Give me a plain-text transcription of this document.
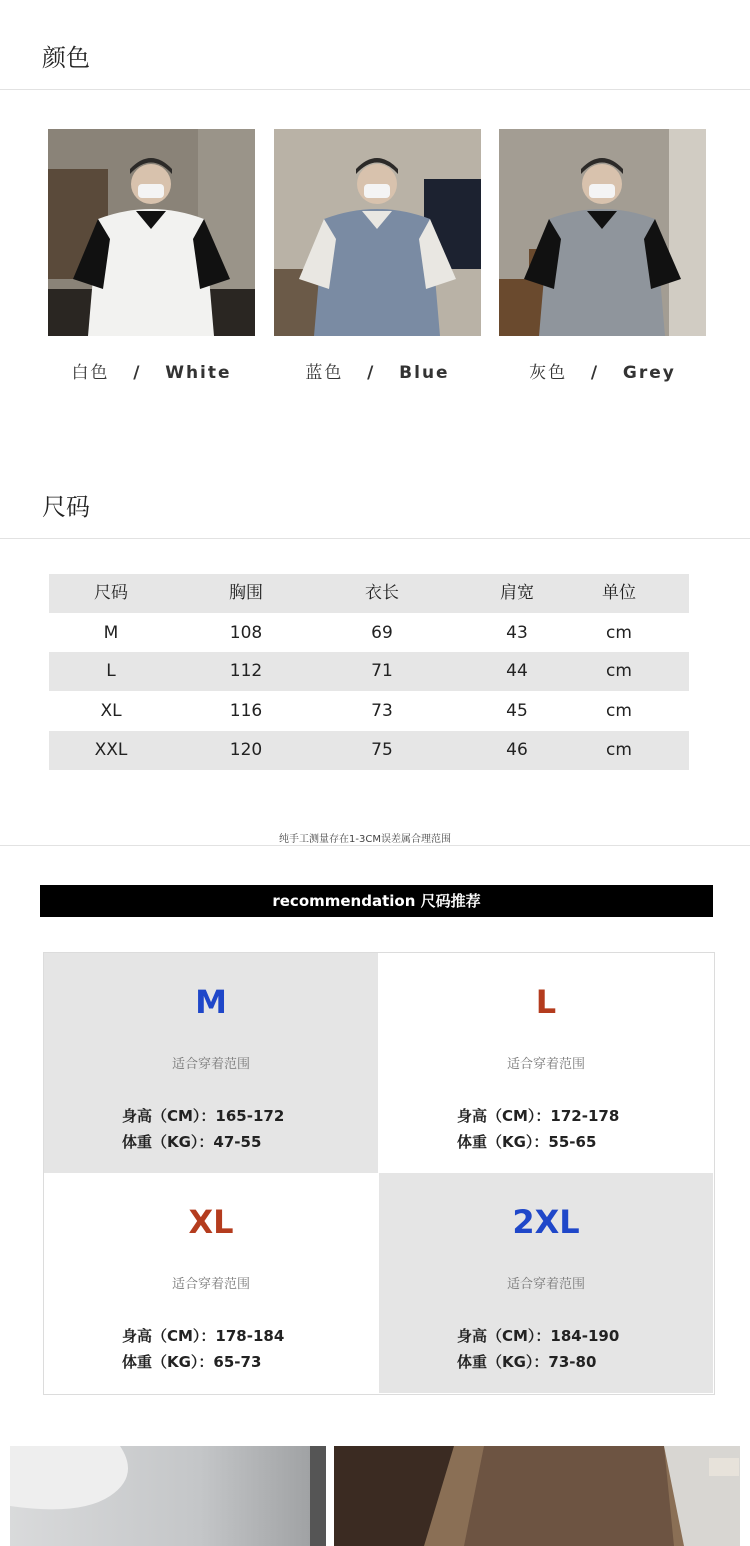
颜色
白色 / White	蓝色 / Blue	灰色 / Grey
尺码
尺码	胸围	衣长	肩宽	单位
M	108	69	43	cm
L	112	71	44	cm
XL	116	73	45	cm
XXL	120	75	46	cm
纯手工测量存在1-3CM误差属合理范围
recommendation 尺码推荐
M
适合穿着范围
身高（CM）：165-172
体重（KG）：47-55
L
适合穿着范围
身高（CM）：172-178
体重（KG）：55-65
XL
适合穿着范围
身高（CM）：178-184
体重（KG）：65-73
2XL
适合穿着范围
身高（CM）：184-190
体重（KG）：73-80
